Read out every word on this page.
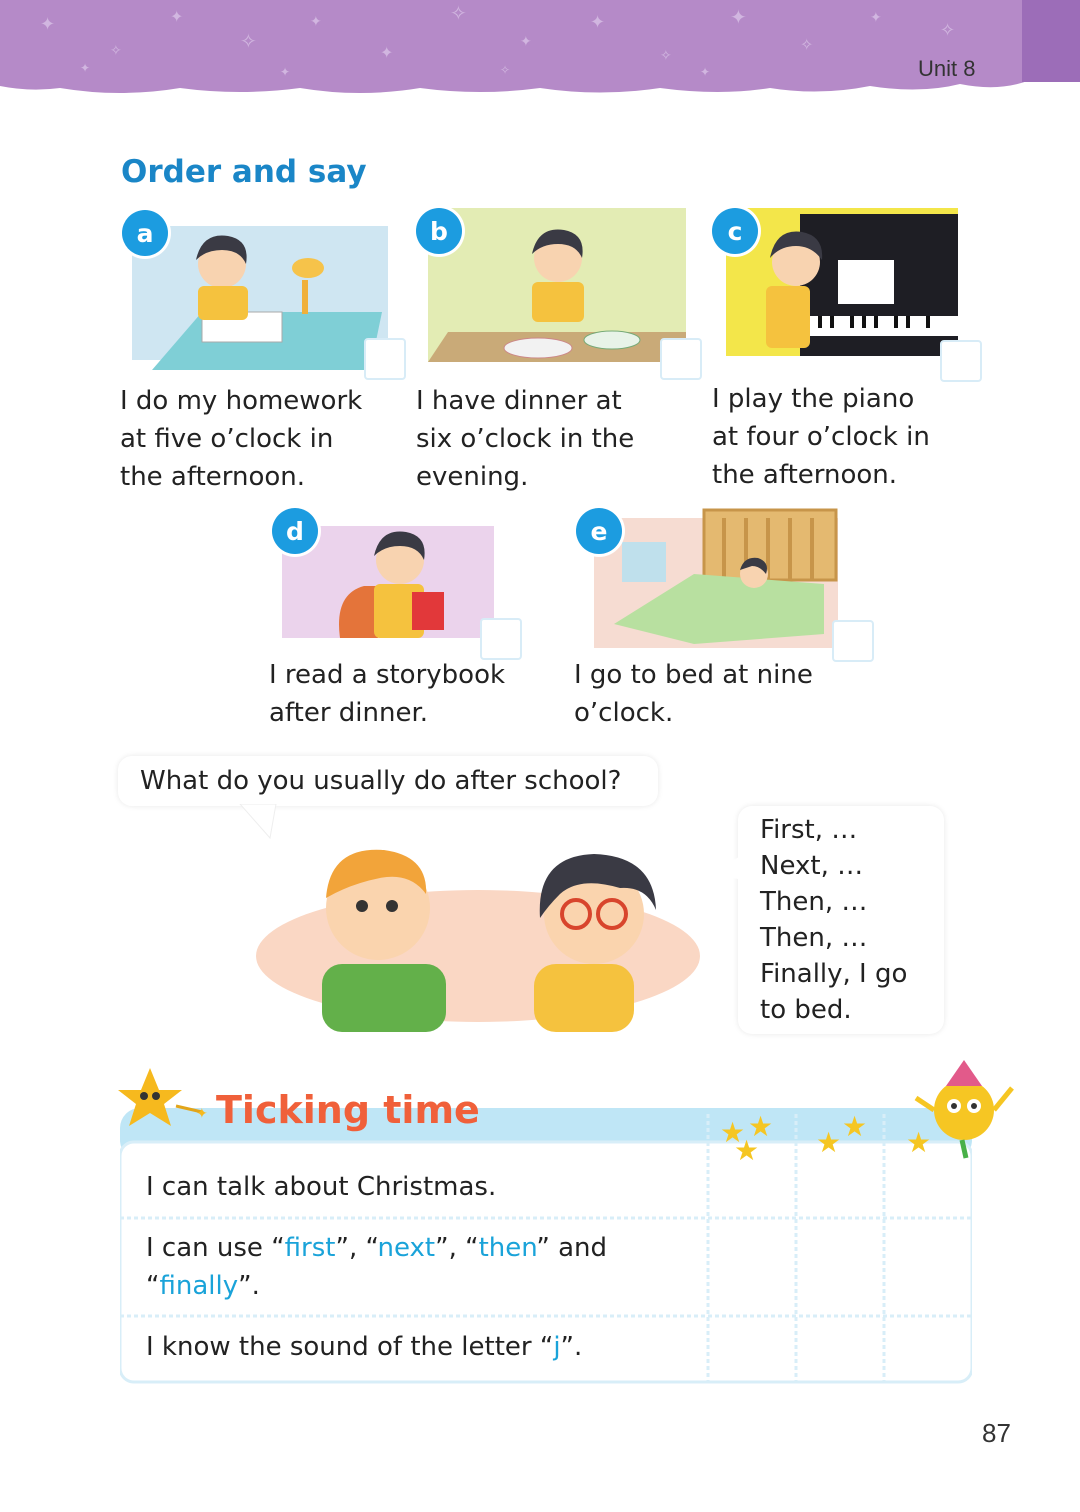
✦
✧
✦
✧
✦
✦
✧
✦
✦
✧
✦
✧
✦
✧
✦	✦	✧	✦	Unit 8
Order and say
a
I do my homework
at five o’clock in
the afternoon.
b
I have dinner at
six o’clock in the
evening.
c
I play the piano
at four o’clock in
the afternoon.
d
I read a storybook
after dinner.
e
I go to bed at nine
o’clock.
What do you usually do after school?
First, …
Next, …
Then, …
Then, …
Finally, I go
to bed.
★ ★
★ ★ ★ ★
✦ Ticking time
I can talk about Christmas.
I can use “first”, “next”, “then” and
“finally”.
I know the sound of the letter “j”.
87
